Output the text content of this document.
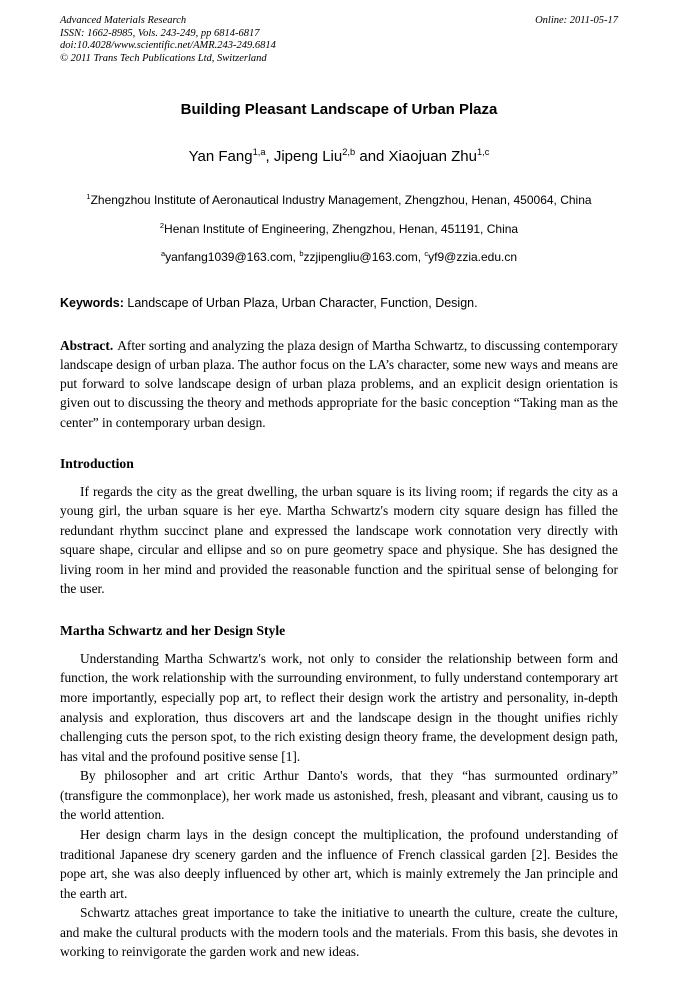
Advanced Materials Research
ISSN: 1662-8985, Vols. 243-249, pp 6814-6817
doi:10.4028/www.scientific.net/AMR.243-249.6814
© 2011 Trans Tech Publications Ltd, Switzerland
Online: 2011-05-17
Building Pleasant Landscape of Urban Plaza
Yan Fang$^{1,a}$, Jipeng Liu$^{2,b}$ and Xiaojuan Zhu$^{1,c}$
$^1$Zhengzhou Institute of Aeronautical Industry Management, Zhengzhou, Henan, 450064, China
$^2$Henan Institute of Engineering, Zhengzhou, Henan, 451191, China
$^a$yanfang1039@163.com, $^b$zzjipengliu@163.com, $^c$yf9@zzia.edu.cn

Keywords: Landscape of Urban Plaza, Urban Character, Function, Design.

Abstract. After sorting and analyzing the plaza design of Martha Schwartz, to discussing contemporary landscape design of urban plaza. The author focus on the LA’s character, some new ways and means are put forward to solve landscape design of urban plaza problems, and an explicit design orientation is given out to discussing the theory and methods appropriate for the basic conception “Taking man as the center” in contemporary urban design.

Introduction

If regards the city as the great dwelling, the urban square is its living room; if regards the city as a young girl, the urban square is her eye. Martha Schwartz's modern city square design has filled the redundant rhythm succinct plane and expressed the landscape work connotation very directly with square shape, circular and ellipse and so on pure geometry space and physique. She has designed the living room in her mind and provided the reasonable function and the spiritual sense of belonging for the user.

Martha Schwartz and her Design Style

Understanding Martha Schwartz's work, not only to consider the relationship between form and function, the work relationship with the surrounding environment, to fully understand contemporary art more importantly, especially pop art, to reflect their design work the artistry and personality, in-depth analysis and exploration, thus discovers art and the landscape design in the thought unifies richly challenging cuts the person spot, to the rich existing design theory frame, the development design path, has vital and the profound positive sense [1].

By philosopher and art critic Arthur Danto's words, that they “has surmounted ordinary” (transfigure the commonplace), her work made us astonished, fresh, pleasant and vibrant, causing us to the world attention.

Her design charm lays in the design concept the multiplication, the profound understanding of traditional Japanese dry scenery garden and the influence of French classical garden [2]. Besides the pope art, she was also deeply influenced by other art, which is mainly extremely the Jan principle and the earth art.

Schwartz attaches great importance to take the initiative to unearth the culture, create the culture, and make the cultural products with the modern tools and the materials. From this basis, she devotes in working to reinvigorate the garden work and new ideas.
